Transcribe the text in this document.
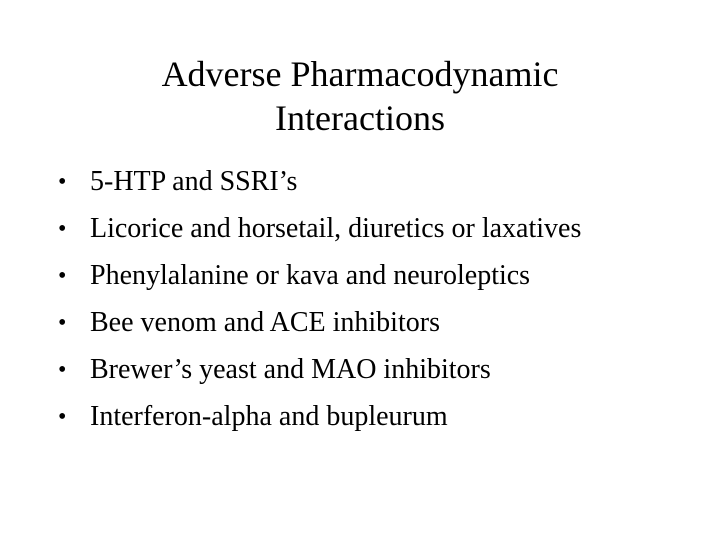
Adverse Pharmacodynamic
Interactions
• 5-HTP and SSRI’s
• Licorice and horsetail, diuretics or laxatives
• Phenylalanine or kava and neuroleptics
• Bee venom and ACE inhibitors
• Brewer’s yeast and MAO inhibitors
• Interferon-alpha and bupleurum
